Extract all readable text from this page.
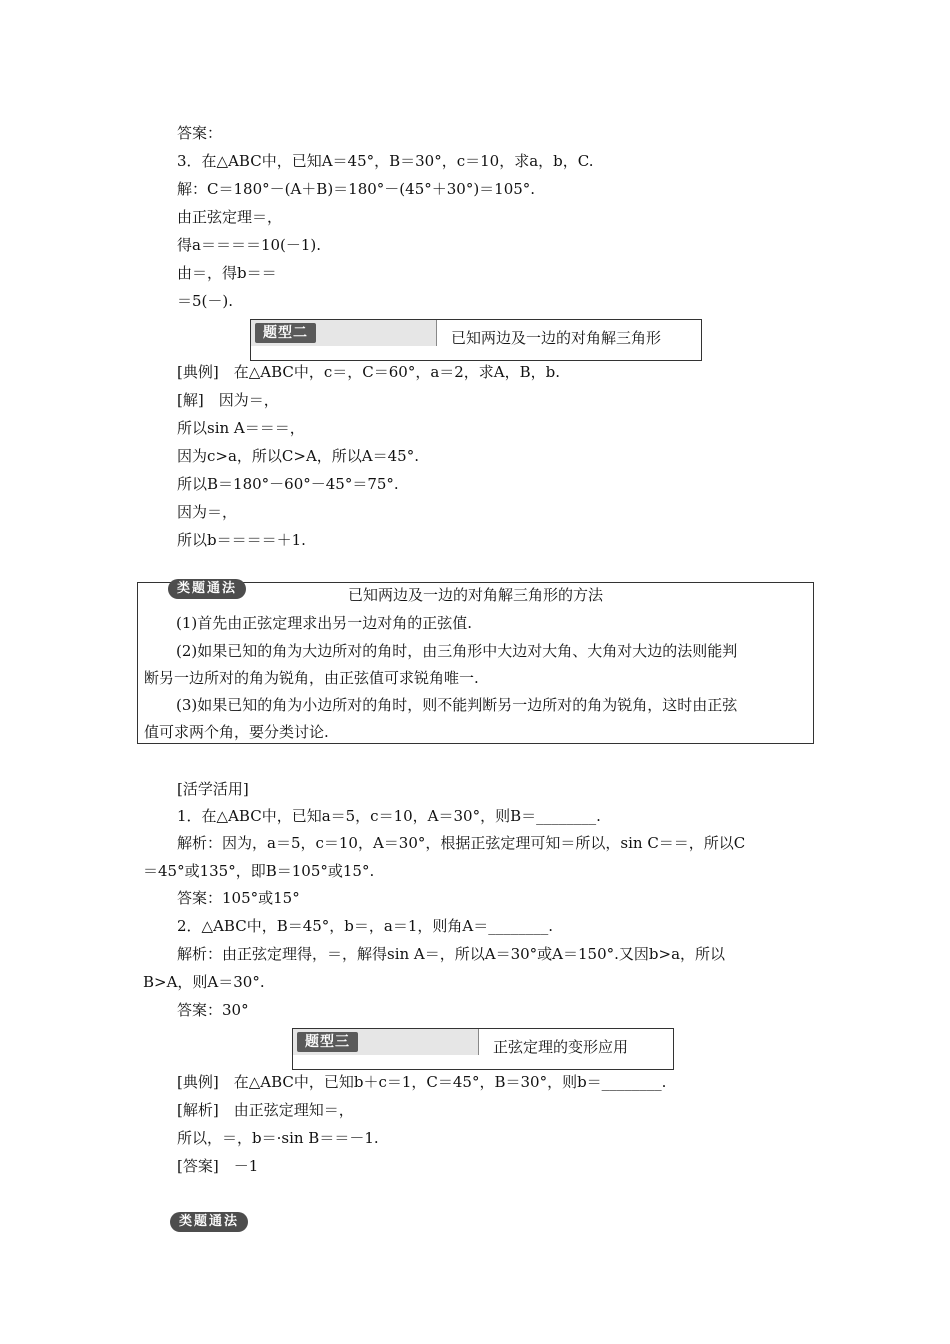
答案：
3．在△ABC中，已知A＝45°，B＝30°，c＝10，求a，b，C.
解：C＝180°－(A＋B)＝180°－(45°＋30°)＝105°.
由正弦定理＝，
得a＝＝＝＝10(－1).
由＝，得b＝＝
＝5(－).
题型二	已知两边及一边的对角解三角形
[典例]　在△ABC中，c＝，C＝60°，a＝2，求A，B，b.
[解]　因为＝，
所以sin A＝＝＝，
因为c>a，所以C>A，所以A＝45°.
所以B＝180°－60°－45°＝75°.
因为＝，
所以b＝＝＝＝＋1.
类题通法	已知两边及一边的对角解三角形的方法
(1)首先由正弦定理求出另一边对角的正弦值.
(2)如果已知的角为大边所对的角时，由三角形中大边对大角、大角对大边的法则能判
断另一边所对的角为锐角，由正弦值可求锐角唯一.
(3)如果已知的角为小边所对的角时，则不能判断另一边所对的角为锐角，这时由正弦
值可求两个角，要分类讨论.
[活学活用]
1．在△ABC中，已知a＝5，c＝10，A＝30°，则B＝________.
解析：因为，a＝5，c＝10，A＝30°，根据正弦定理可知＝所以，sin C＝＝，所以C
＝45°或135°，即B＝105°或15°.
答案：105°或15°
2．△ABC中，B＝45°，b＝，a＝1，则角A＝________.
解析：由正弦定理得，＝，解得sin A＝，所以A＝30°或A＝150°.又因b>a，所以
B>A，则A＝30°.
答案：30°
题型三	正弦定理的变形应用
[典例]　在△ABC中，已知b＋c＝1，C＝45°，B＝30°，则b＝________.
[解析]　由正弦定理知＝，
所以，＝，b＝·sin B＝＝－1.
[答案]　－1
类题通法
